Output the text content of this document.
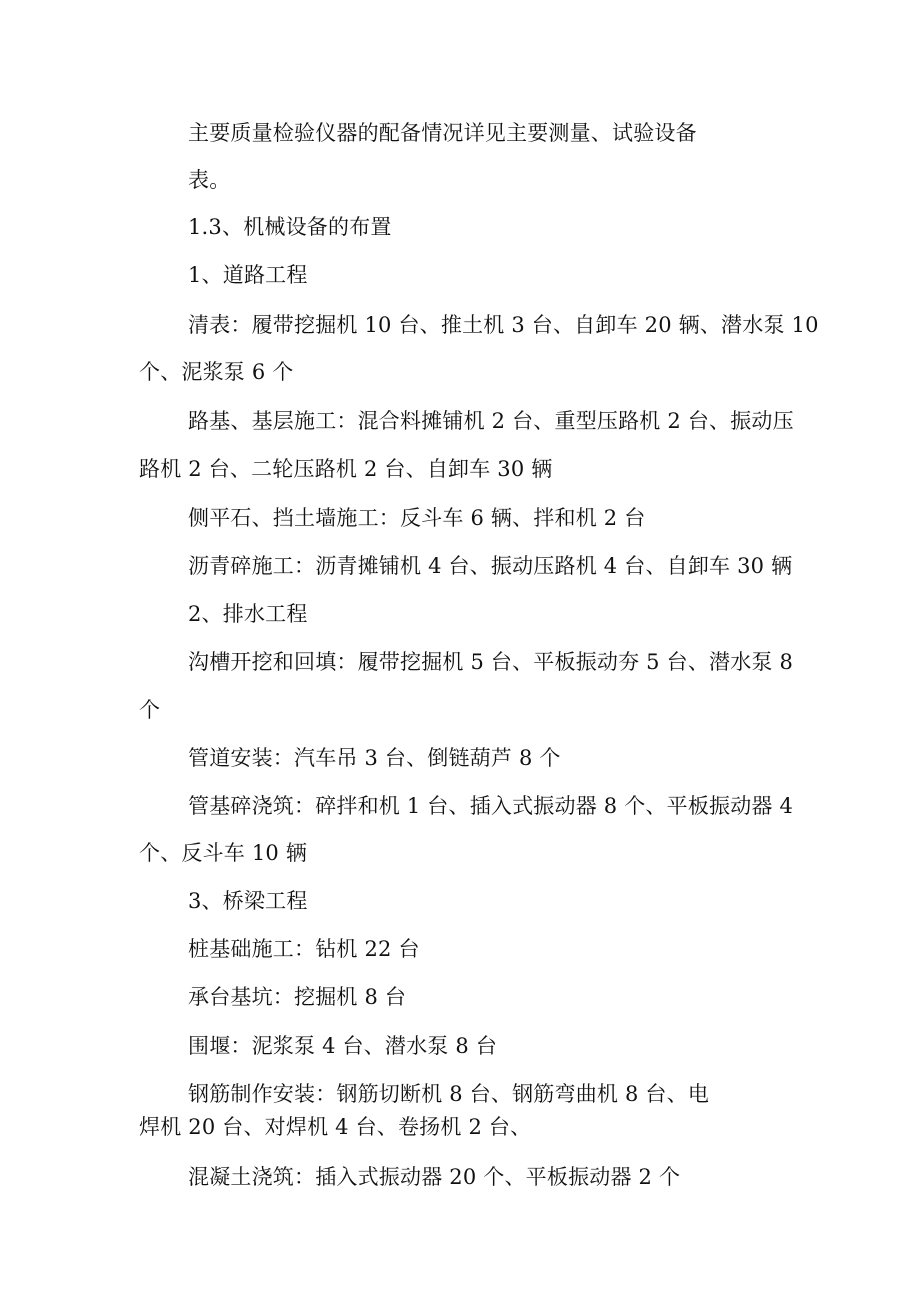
主要质量检验仪器的配备情况详见主要测量、试验设备
表。
1.3、机械设备的布置
1、道路工程
清表：履带挖掘机 10 台、推土机 3 台、自卸车 20 辆、潜水泵 10
个、泥浆泵 6 个
路基、基层施工：混合料摊铺机 2 台、重型压路机 2 台、振动压
路机 2 台、二轮压路机 2 台、自卸车 30 辆
侧平石、挡土墙施工：反斗车 6 辆、拌和机 2 台
沥青碎施工：沥青摊铺机 4 台、振动压路机 4 台、自卸车 30 辆
2、排水工程
沟槽开挖和回填：履带挖掘机 5 台、平板振动夯 5 台、潜水泵 8
个
管道安装：汽车吊 3 台、倒链葫芦 8 个
管基碎浇筑：碎拌和机 1 台、插入式振动器 8 个、平板振动器 4
个、反斗车 10 辆
3、桥梁工程
桩基础施工：钻机 22 台
承台基坑：挖掘机 8 台
围堰：泥浆泵 4 台、潜水泵 8 台
钢筋制作安装：钢筋切断机 8 台、钢筋弯曲机 8 台、电
焊机 20 台、对焊机 4 台、卷扬机 2 台、
混凝土浇筑：插入式振动器 20 个、平板振动器 2 个
